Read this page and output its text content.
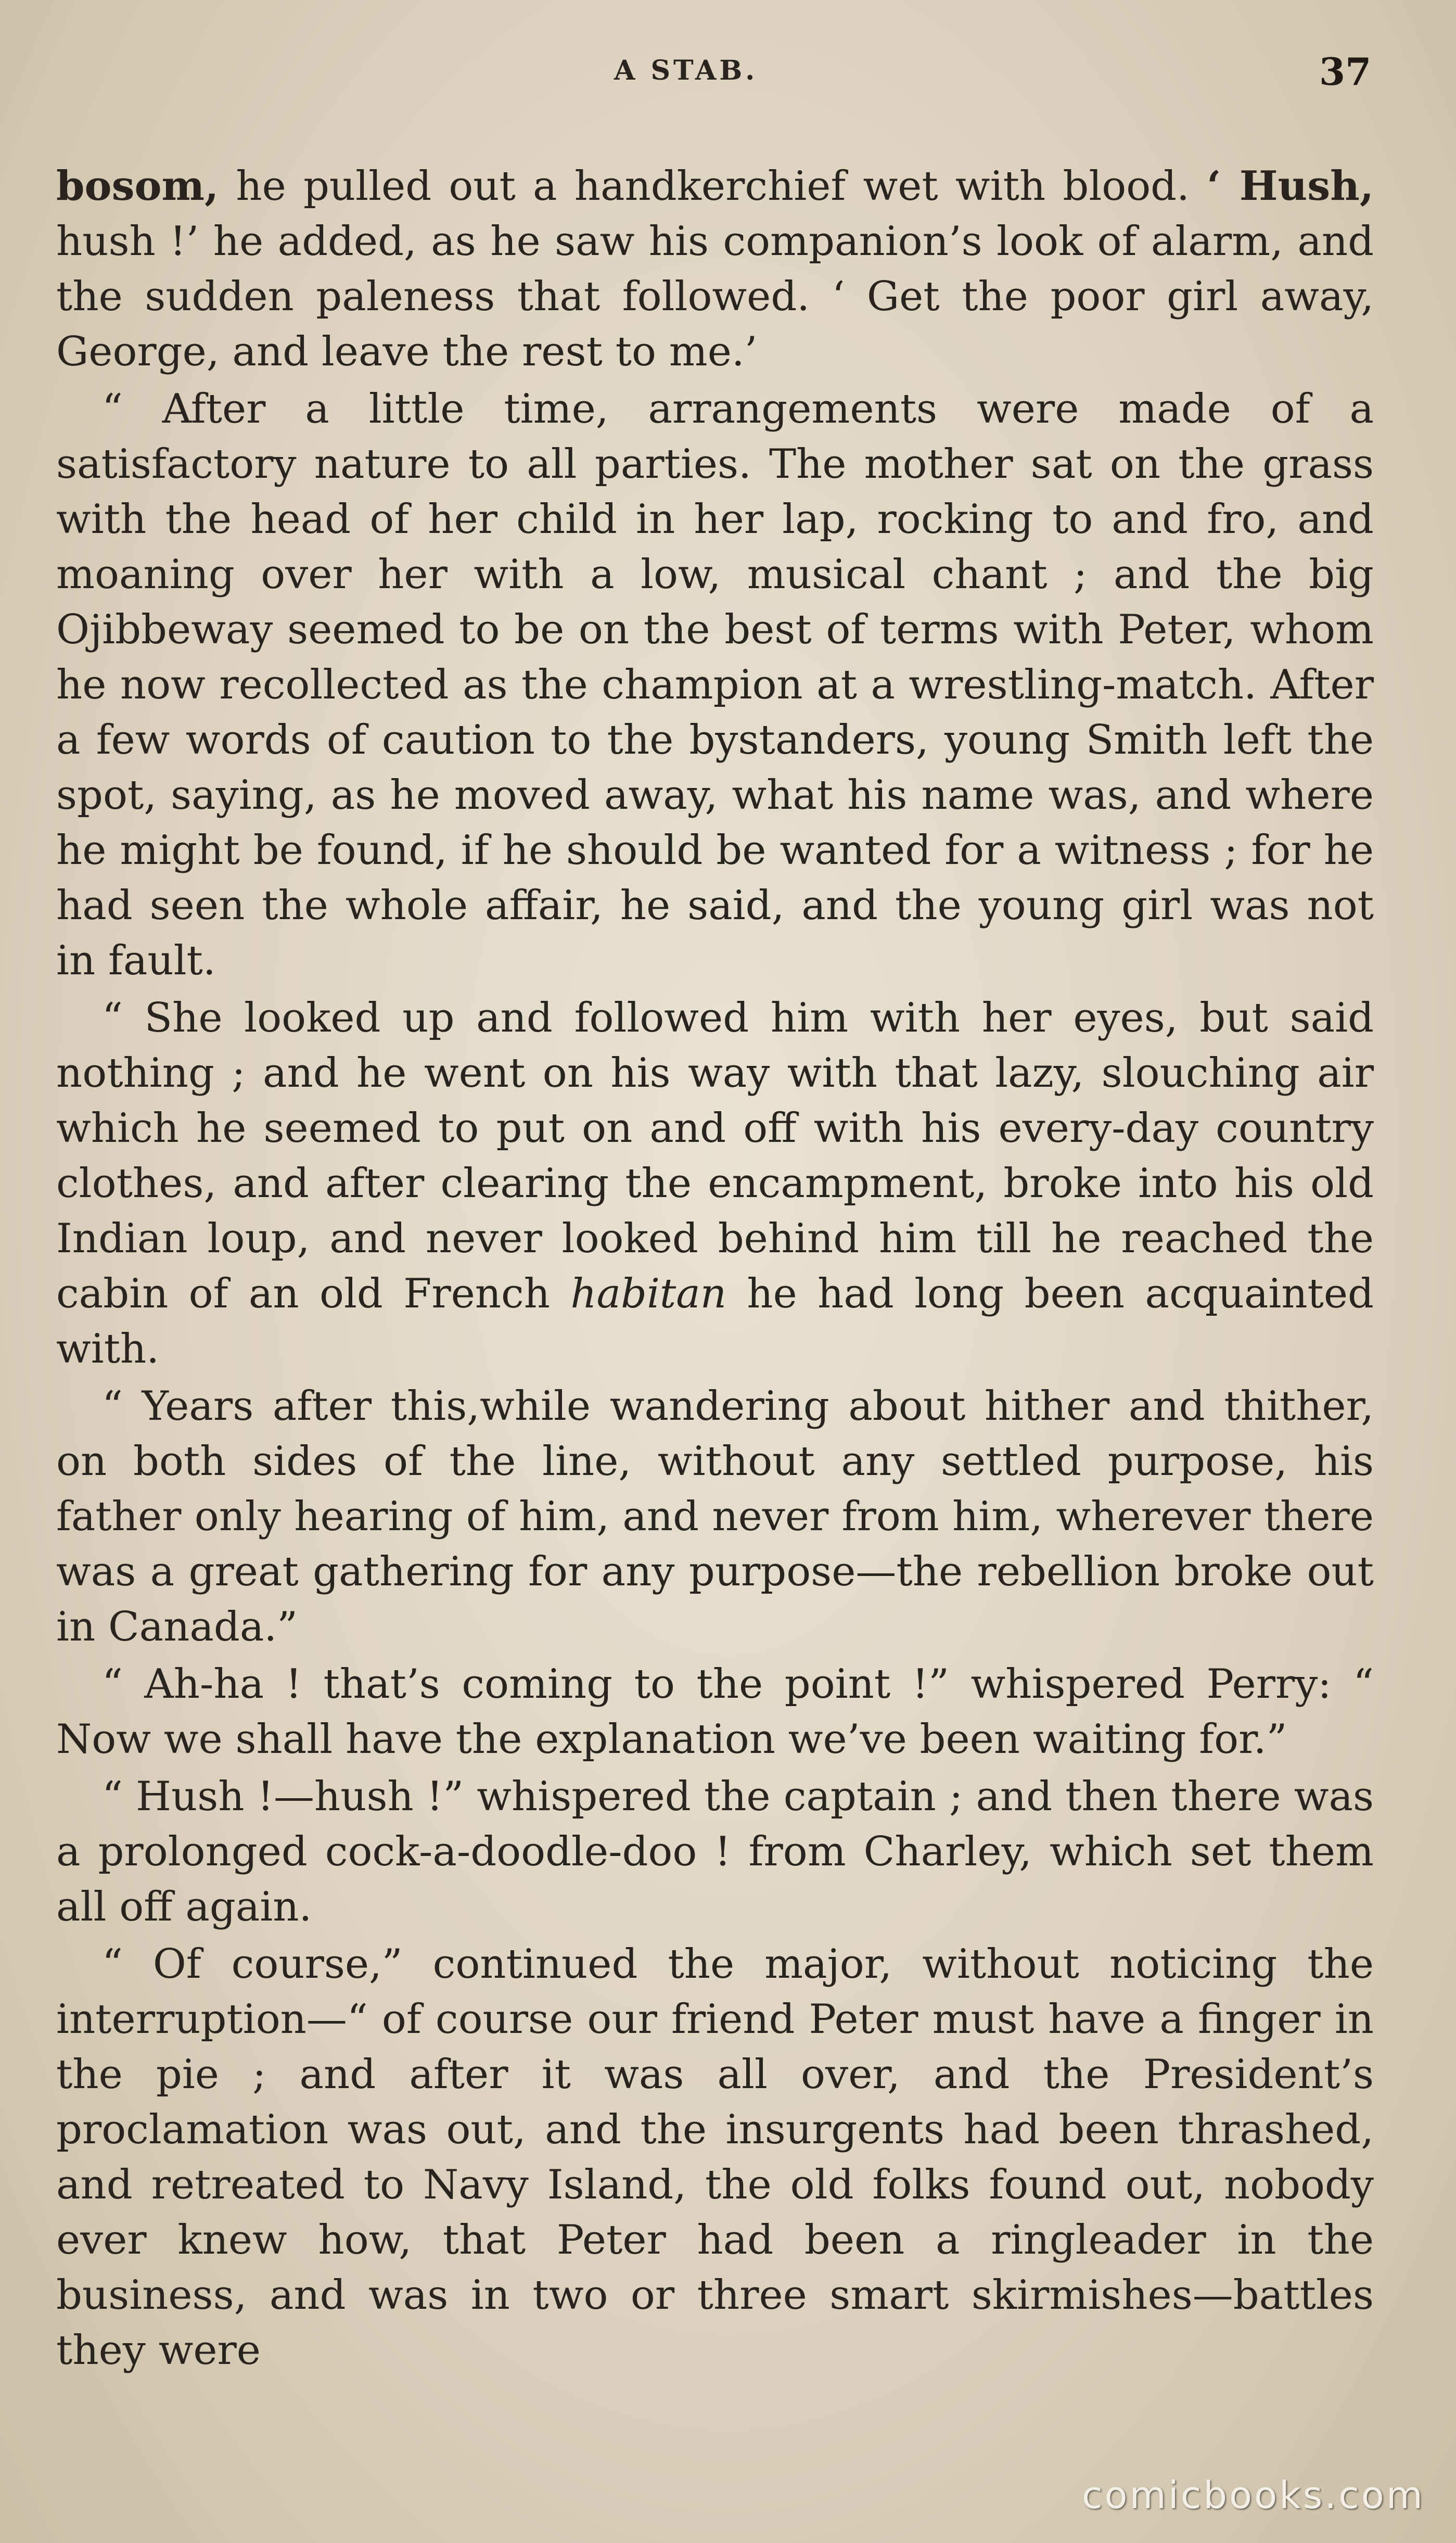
A STAB.	37

bosom, he pulled out a handkerchief wet with blood. ‘ Hush, hush !’ he added, as he saw his companion’s look of alarm, and the sudden paleness that followed. ‘ Get the poor girl away, George, and leave the rest to me.’

“ After a little time, arrangements were made of a satisfactory nature to all parties. The mother sat on the grass with the head of her child in her lap, rocking to and fro, and moaning over her with a low, musical chant ; and the big Ojibbeway seemed to be on the best of terms with Peter, whom he now recollected as the champion at a wrestling-match. After a few words of caution to the bystanders, young Smith left the spot, saying, as he moved away, what his name was, and where he might be found, if he should be wanted for a witness ; for he had seen the whole affair, he said, and the young girl was not in fault.

“ She looked up and followed him with her eyes, but said nothing ; and he went on his way with that lazy, slouching air which he seemed to put on and off with his every-day country clothes, and after clearing the encampment, broke into his old Indian loup, and never looked behind him till he reached the cabin of an old French habitan he had long been acquainted with.

“ Years after this,while wandering about hither and thither, on both sides of the line, without any settled purpose, his father only hearing of him, and never from him, wherever there was a great gathering for any purpose—the rebellion broke out in Canada.”

“ Ah-ha ! that’s coming to the point !” whispered Perry: “ Now we shall have the explanation we’ve been waiting for.”

“ Hush !—hush !” whispered the captain ; and then there was a prolonged cock-a-doodle-doo ! from Charley, which set them all off again.

“ Of course,” continued the major, without noticing the interruption—“ of course our friend Peter must have a finger in the pie ; and after it was all over, and the President’s proclamation was out, and the insurgents had been thrashed, and retreated to Navy Island, the old folks found out, nobody ever knew how, that Peter had been a ringleader in the business, and was in two or three smart skirmishes—battles they were

comicbooks.com
